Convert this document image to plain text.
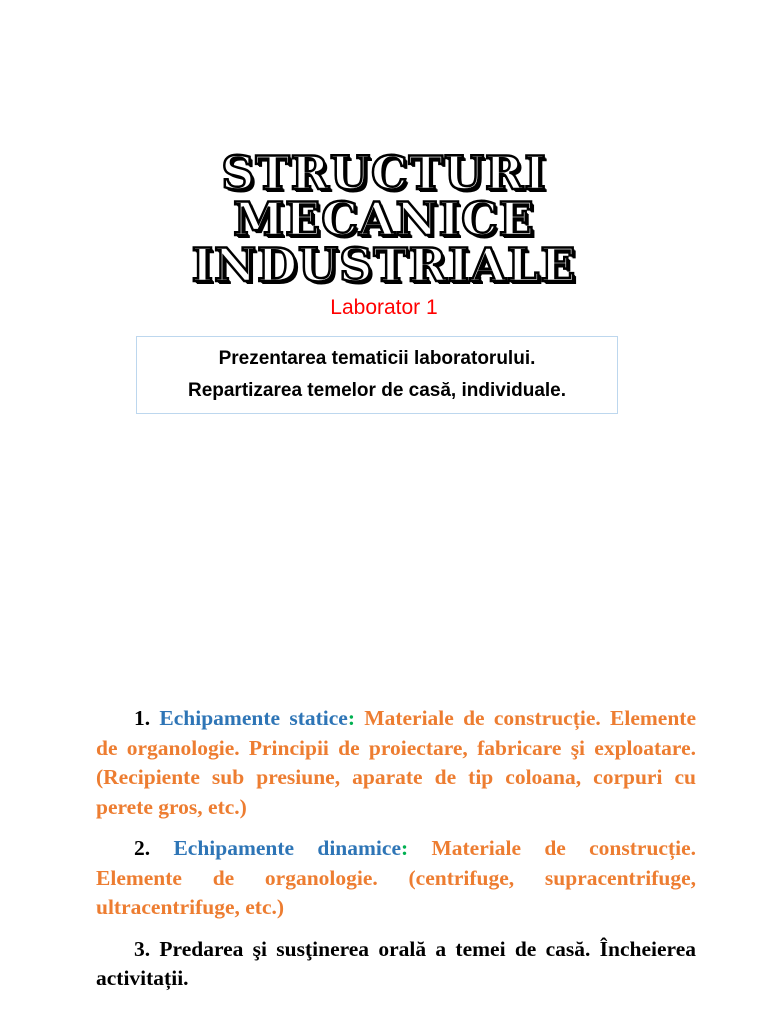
STRUCTURI
MECANICE
INDUSTRIALE
Laborator 1
Prezentarea tematicii laboratorului.
Repartizarea temelor de casă, individuale.

1. Echipamente statice: Materiale de construcție. Elemente de organologie. Principii de proiectare, fabricare şi exploatare. (Recipiente sub presiune, aparate de tip coloana, corpuri cu perete gros, etc.)

2. Echipamente dinamice: Materiale de construcție. Elemente de organologie. (centrifuge, supracentrifuge, ultracentrifuge, etc.)

3. Predarea şi susţinerea orală a temei de casă. Încheierea activitații.
